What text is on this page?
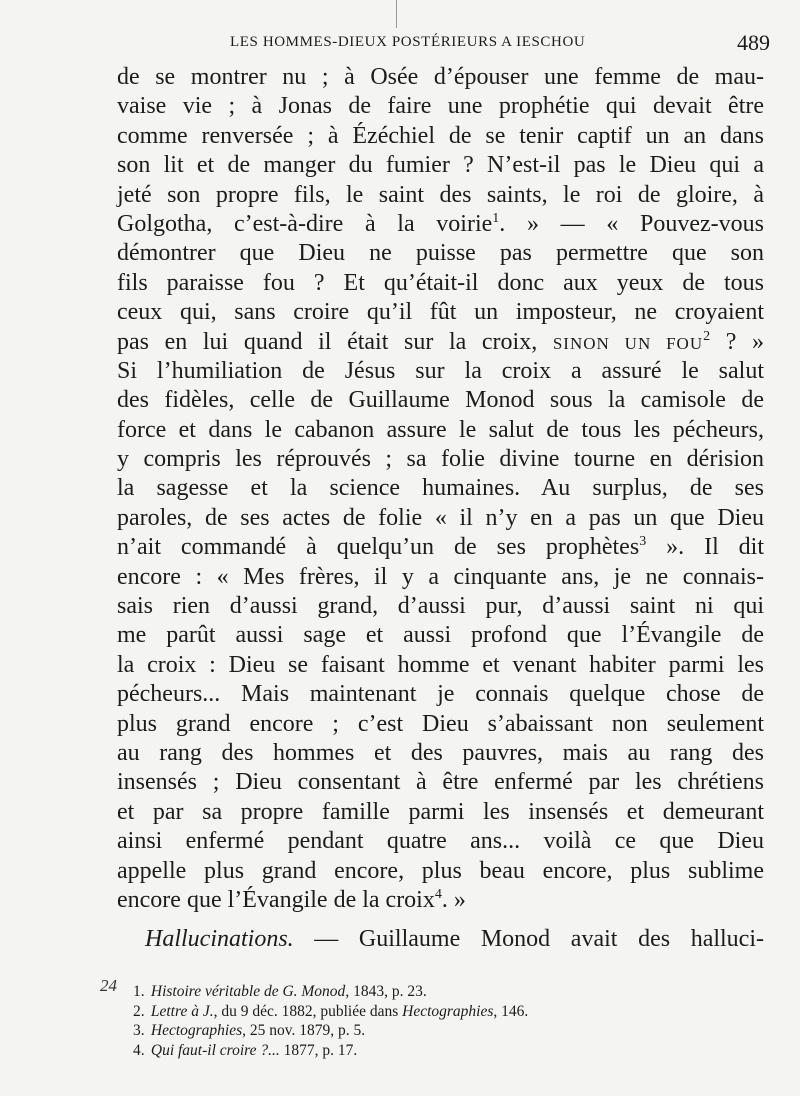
LES HOMMES-DIEUX POSTÉRIEURS A IESCHOU	489
de se montrer nu ; à Osée d’épouser une femme de mau-
vaise vie ; à Jonas de faire une prophétie qui devait être
comme renversée ; à Ézéchiel de se tenir captif un an dans
son lit et de manger du fumier ? N’est-il pas le Dieu qui a
jeté son propre fils, le saint des saints, le roi de gloire, à
Golgotha, c’est-à-dire à la voirie$^1$. » — « Pouvez-vous
démontrer que Dieu ne puisse pas permettre que son
fils paraisse fou ? Et qu’était-il donc aux yeux de tous
ceux qui, sans croire qu’il fût un imposteur, ne croyaient
pas en lui quand il était sur la croix, SINON UN FOU$^2$ ? »
Si l’humiliation de Jésus sur la croix a assuré le salut
des fidèles, celle de Guillaume Monod sous la camisole de
force et dans le cabanon assure le salut de tous les pécheurs,
y compris les réprouvés ; sa folie divine tourne en dérision
la sagesse et la science humaines. Au surplus, de ses
paroles, de ses actes de folie « il n’y en a pas un que Dieu
n’ait commandé à quelqu’un de ses prophètes$^3$ ». Il dit
encore : « Mes frères, il y a cinquante ans, je ne connais-
sais rien d’aussi grand, d’aussi pur, d’aussi saint ni qui
me parût aussi sage et aussi profond que l’Évangile de
la croix : Dieu se faisant homme et venant habiter parmi les
pécheurs... Mais maintenant je connais quelque chose de
plus grand encore ; c’est Dieu s’abaissant non seulement
au rang des hommes et des pauvres, mais au rang des
insensés ; Dieu consentant à être enfermé par les chrétiens
et par sa propre famille parmi les insensés et demeurant
ainsi enfermé pendant quatre ans... voilà ce que Dieu
appelle plus grand encore, plus beau encore, plus sublime
encore que l’Évangile de la croix$^4$. »
Hallucinations. — Guillaume Monod avait des halluci-
24 1. Histoire véritable de G. Monod, 1843, p. 23.
2. Lettre à J., du 9 déc. 1882, publiée dans Hectographies, 146.
3. Hectographies, 25 nov. 1879, p. 5.
4. Qui faut-il croire ?... 1877, p. 17.
